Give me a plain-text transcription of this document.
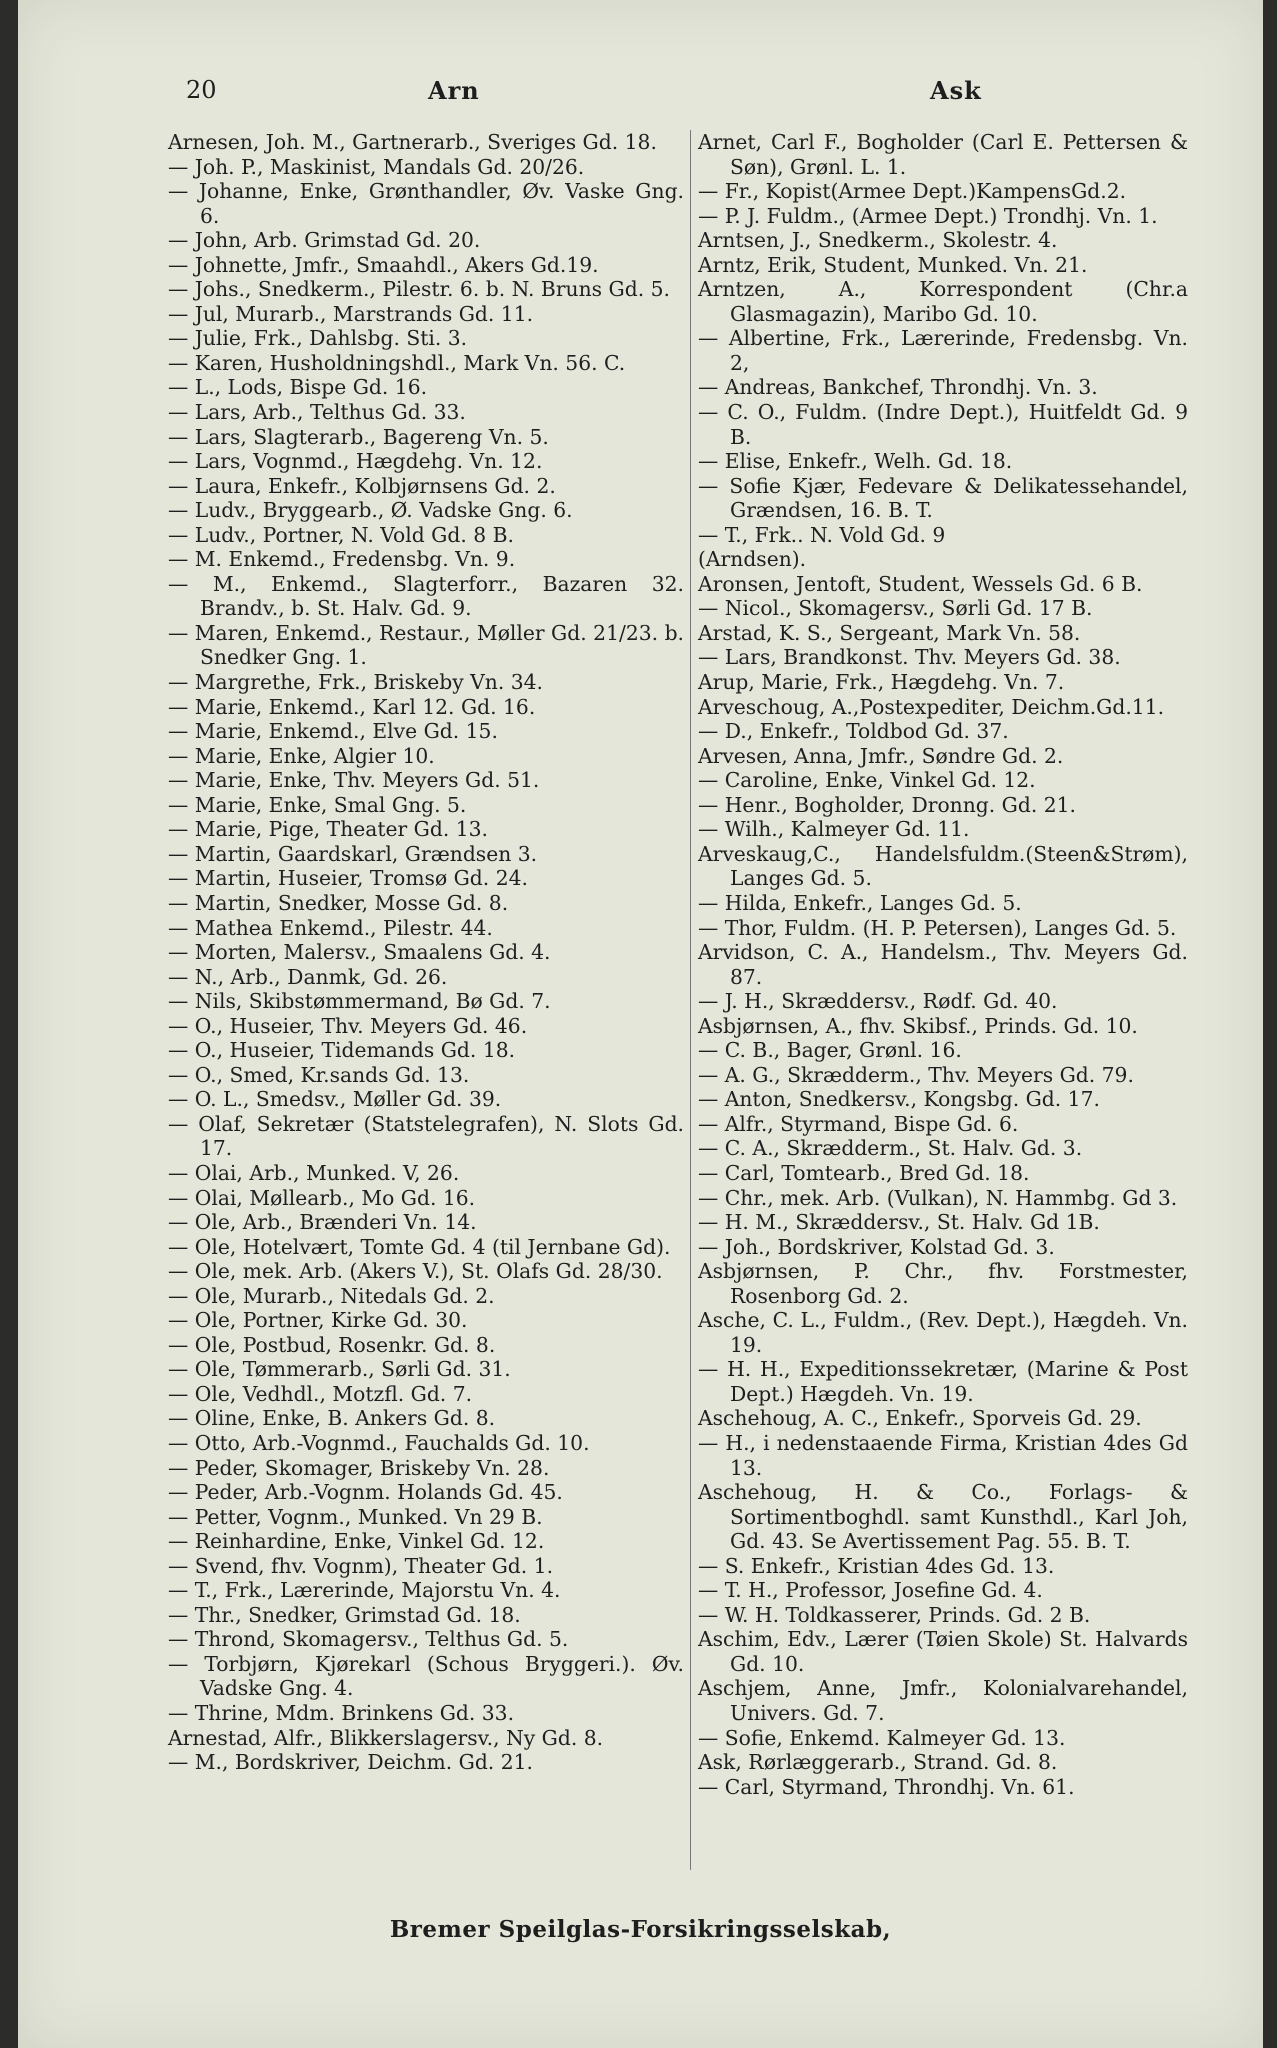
20	Arn	Ask
Arnesen, Joh. M., Gartnerarb., Sveriges Gd. 18.
— Joh. P., Maskinist, Mandals Gd. 20/26.
— Johanne, Enke, Grønthandler, Øv. Vaske Gng. 6.
— John, Arb. Grimstad Gd. 20.
— Johnette, Jmfr., Smaahdl., Akers Gd.19.
— Johs., Snedkerm., Pilestr. 6. b. N. Bruns Gd. 5.
— Jul, Murarb., Marstrands Gd. 11.
— Julie, Frk., Dahlsbg. Sti. 3.
— Karen, Husholdningshdl., Mark Vn. 56. C.
— L., Lods, Bispe Gd. 16.
— Lars, Arb., Telthus Gd. 33.
— Lars, Slagterarb., Bagereng Vn. 5.
— Lars, Vognmd., Hægdehg. Vn. 12.
— Laura, Enkefr., Kolbjørnsens Gd. 2.
— Ludv., Bryggearb., Ø. Vadske Gng. 6.
— Ludv., Portner, N. Vold Gd. 8 B.
— M. Enkemd., Fredensbg. Vn. 9.
— M., Enkemd., Slagterforr., Bazaren 32. Brandv., b. St. Halv. Gd. 9.
— Maren, Enkemd., Restaur., Møller Gd. 21/23. b. Snedker Gng. 1.
— Margrethe, Frk., Briskeby Vn. 34.
— Marie, Enkemd., Karl 12. Gd. 16.
— Marie, Enkemd., Elve Gd. 15.
— Marie, Enke, Algier 10.
— Marie, Enke, Thv. Meyers Gd. 51.
— Marie, Enke, Smal Gng. 5.
— Marie, Pige, Theater Gd. 13.
— Martin, Gaardskarl, Grændsen 3.
— Martin, Huseier, Tromsø Gd. 24.
— Martin, Snedker, Mosse Gd. 8.
— Mathea Enkemd., Pilestr. 44.
— Morten, Malersv., Smaalens Gd. 4.
— N., Arb., Danmk, Gd. 26.
— Nils, Skibstømmermand, Bø Gd. 7.
— O., Huseier, Thv. Meyers Gd. 46.
— O., Huseier, Tidemands Gd. 18.
— O., Smed, Kr.sands Gd. 13.
— O. L., Smedsv., Møller Gd. 39.
— Olaf, Sekretær (Statstelegrafen), N. Slots Gd. 17.
— Olai, Arb., Munked. V, 26.
— Olai, Møllearb., Mo Gd. 16.
— Ole, Arb., Brænderi Vn. 14.
— Ole, Hotelvært, Tomte Gd. 4 (til Jernbane Gd).
— Ole, mek. Arb. (Akers V.), St. Olafs Gd. 28/30.
— Ole, Murarb., Nitedals Gd. 2.
— Ole, Portner, Kirke Gd. 30.
— Ole, Postbud, Rosenkr. Gd. 8.
— Ole, Tømmerarb., Sørli Gd. 31.
— Ole, Vedhdl., Motzfl. Gd. 7.
— Oline, Enke, B. Ankers Gd. 8.
— Otto, Arb.-Vognmd., Fauchalds Gd. 10.
— Peder, Skomager, Briskeby Vn. 28.
— Peder, Arb.-Vognm. Holands Gd. 45.
— Petter, Vognm., Munked. Vn 29 B.
— Reinhardine, Enke, Vinkel Gd. 12.
— Svend, fhv. Vognm), Theater Gd. 1.
— T., Frk., Lærerinde, Majorstu Vn. 4.
— Thr., Snedker, Grimstad Gd. 18.
— Thrond, Skomagersv., Telthus Gd. 5.
— Torbjørn, Kjørekarl (Schous Bryggeri.). Øv. Vadske Gng. 4.
— Thrine, Mdm. Brinkens Gd. 33.
Arnestad, Alfr., Blikkerslagersv., Ny Gd. 8.
— M., Bordskriver, Deichm. Gd. 21.
Arnet, Carl F., Bogholder (Carl E. Pettersen & Søn), Grønl. L. 1.
— Fr., Kopist(Armee Dept.)KampensGd.2.
— P. J. Fuldm., (Armee Dept.) Trondhj. Vn. 1.
Arntsen, J., Snedkerm., Skolestr. 4.
Arntz, Erik, Student, Munked. Vn. 21.
Arntzen, A., Korrespondent (Chr.a Glasmagazin), Maribo Gd. 10.
— Albertine, Frk., Lærerinde, Fredensbg. Vn. 2,
— Andreas, Bankchef, Throndhj. Vn. 3.
— C. O., Fuldm. (Indre Dept.), Huitfeldt Gd. 9 B.
— Elise, Enkefr., Welh. Gd. 18.
— Sofie Kjær, Fedevare & Delikatessehandel, Grændsen, 16. B. T.
— T., Frk.. N. Vold Gd. 9
(Arndsen).
Aronsen, Jentoft, Student, Wessels Gd. 6 B.
— Nicol., Skomagersv., Sørli Gd. 17 B.
Arstad, K. S., Sergeant, Mark Vn. 58.
— Lars, Brandkonst. Thv. Meyers Gd. 38.
Arup, Marie, Frk., Hægdehg. Vn. 7.
Arveschoug, A.,Postexpediter, Deichm.Gd.11.
— D., Enkefr., Toldbod Gd. 37.
Arvesen, Anna, Jmfr., Søndre Gd. 2.
— Caroline, Enke, Vinkel Gd. 12.
— Henr., Bogholder, Dronng. Gd. 21.
— Wilh., Kalmeyer Gd. 11.
Arveskaug,C., Handelsfuldm.(Steen&Strøm), Langes Gd. 5.
— Hilda, Enkefr., Langes Gd. 5.
— Thor, Fuldm. (H. P. Petersen), Langes Gd. 5.
Arvidson, C. A., Handelsm., Thv. Meyers Gd. 87.
— J. H., Skræddersv., Rødf. Gd. 40.
Asbjørnsen, A., fhv. Skibsf., Prinds. Gd. 10.
— C. B., Bager, Grønl. 16.
— A. G., Skrædderm., Thv. Meyers Gd. 79.
— Anton, Snedkersv., Kongsbg. Gd. 17.
— Alfr., Styrmand, Bispe Gd. 6.
— C. A., Skrædderm., St. Halv. Gd. 3.
— Carl, Tomtearb., Bred Gd. 18.
— Chr., mek. Arb. (Vulkan), N. Hammbg. Gd 3.
— H. M., Skræddersv., St. Halv. Gd 1B.
— Joh., Bordskriver, Kolstad Gd. 3.
Asbjørnsen, P. Chr., fhv. Forstmester, Rosenborg Gd. 2.
Asche, C. L., Fuldm., (Rev. Dept.), Hægdeh. Vn. 19.
— H. H., Expeditionssekretær, (Marine & Post Dept.) Hægdeh. Vn. 19.
Aschehoug, A. C., Enkefr., Sporveis Gd. 29.
— H., i nedenstaaende Firma, Kristian 4des Gd 13.
Aschehoug, H. & Co., Forlags- & Sortimentboghdl. samt Kunsthdl., Karl Joh, Gd. 43. Se Avertissement Pag. 55. B. T.
— S. Enkefr., Kristian 4des Gd. 13.
— T. H., Professor, Josefine Gd. 4.
— W. H. Toldkasserer, Prinds. Gd. 2 B.
Aschim, Edv., Lærer (Tøien Skole) St. Halvards Gd. 10.
Aschjem, Anne, Jmfr., Kolonialvarehandel, Univers. Gd. 7.
— Sofie, Enkemd. Kalmeyer Gd. 13.
Ask, Rørlæggerarb., Strand. Gd. 8.
— Carl, Styrmand, Throndhj. Vn. 61.
Bremer Speilglas-Forsikringsselskab,
